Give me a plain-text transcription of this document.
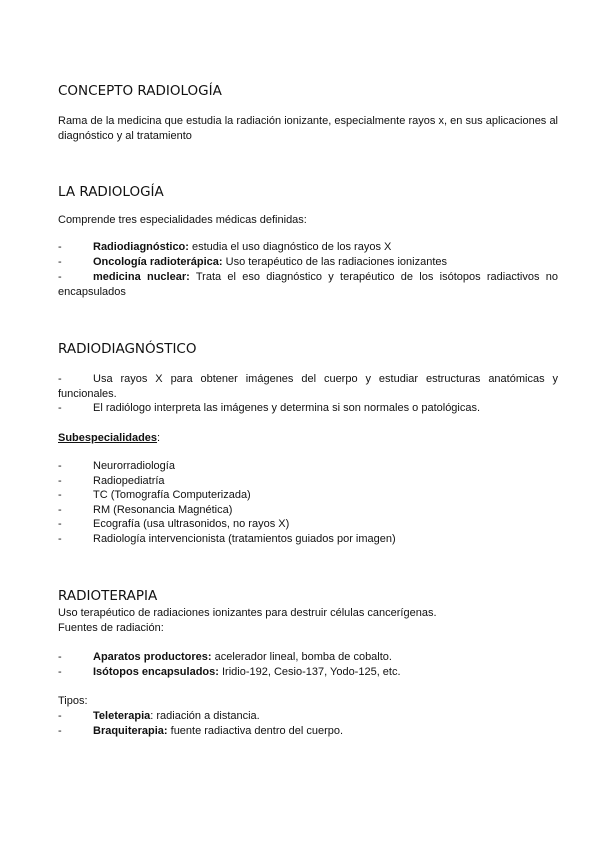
CONCEPTO RADIOLOGÍA

Rama de la medicina que estudia la radiación ionizante, especialmente rayos x, en sus aplicaciones al diagnóstico y al tratamiento

LA RADIOLOGÍA

Comprende tres especialidades médicas definidas:

-	Radiodiagnóstico: estudia el uso diagnóstico de los rayos X
-	Oncología radioterápica: Uso terapéutico de las radiaciones ionizantes
-	medicina nuclear: Trata el eso diagnóstico y terapéutico de los isótopos radiactivos no encapsulados
RADIODIAGNÓSTICO
-	Usa rayos X para obtener imágenes del cuerpo y estudiar estructuras anatómicas y funcionales.
-	El radiólogo interpreta las imágenes y determina si son normales o patológicas.

Subespecialidades:

-	Neurorradiología
-	Radiopediatría
-	TC (Tomografía Computerizada)
-	RM (Resonancia Magnética)
-	Ecografía (usa ultrasonidos, no rayos X)
-	Radiología intervencionista (tratamientos guiados por imagen)
RADIOTERAPIA

Uso terapéutico de radiaciones ionizantes para destruir células cancerígenas.

Fuentes de radiación:

-	Aparatos productores: acelerador lineal, bomba de cobalto.
-	Isótopos encapsulados: Iridio-192, Cesio-137, Yodo-125, etc.

Tipos:

-	Teleterapia: radiación a distancia.
-	Braquiterapia: fuente radiactiva dentro del cuerpo.
